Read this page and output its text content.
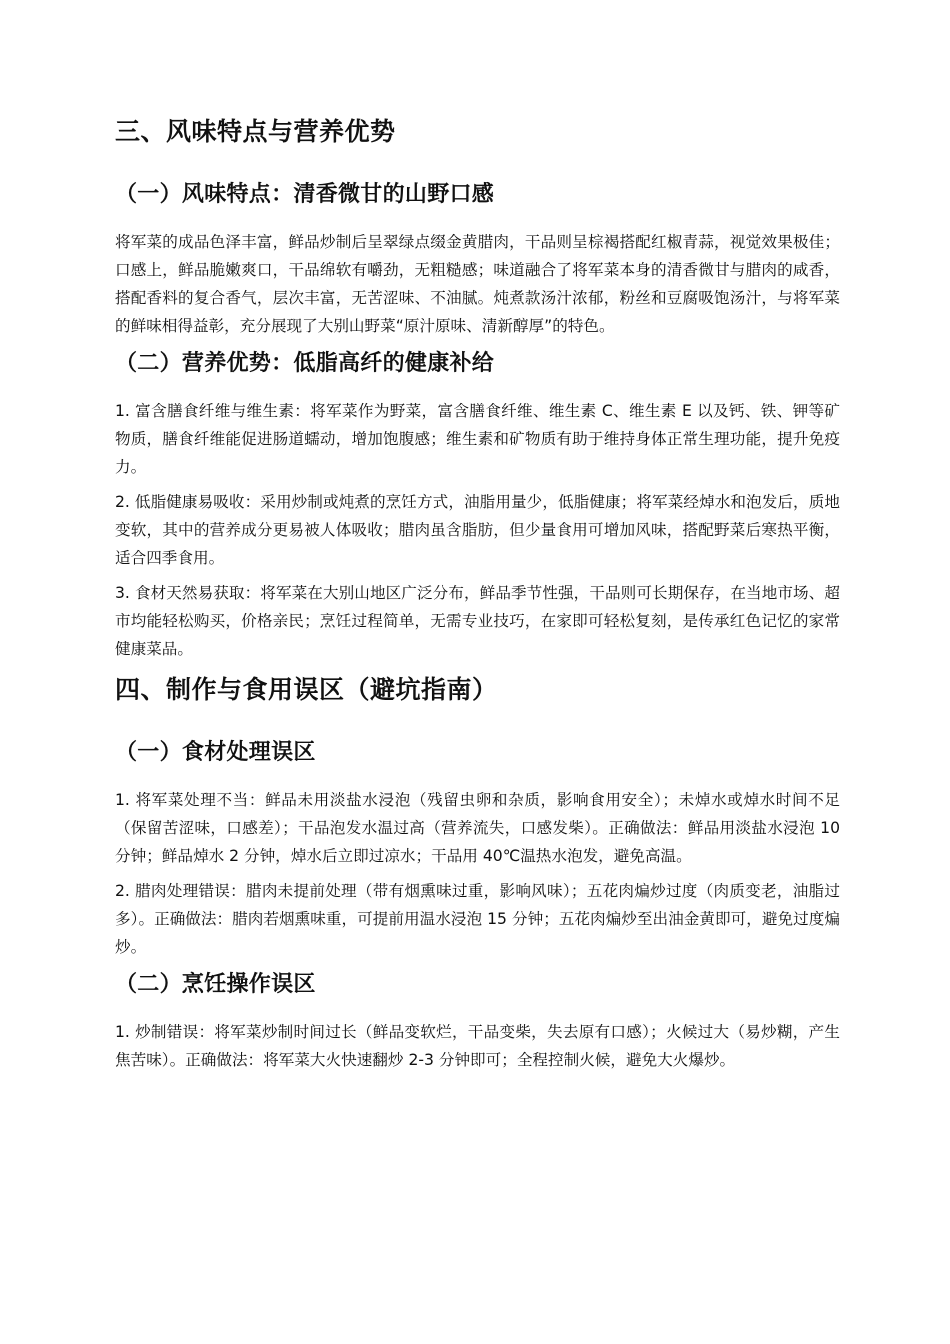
三、风味特点与营养优势
（一）风味特点：清香微甘的山野口感

将军菜的成品色泽丰富，鲜品炒制后呈翠绿点缀金黄腊肉，干品则呈棕褐搭配红椒青蒜，视觉效果极佳；口感上，鲜品脆嫩爽口，干品绵软有嚼劲，无粗糙感；味道融合了将军菜本身的清香微甘与腊肉的咸香，搭配香料的复合香气，层次丰富，无苦涩味、不油腻。炖煮款汤汁浓郁，粉丝和豆腐吸饱汤汁，与将军菜的鲜味相得益彰，充分展现了大别山野菜“原汁原味、清新醇厚”的特色。

（二）营养优势：低脂高纤的健康补给

1. 富含膳食纤维与维生素：将军菜作为野菜，富含膳食纤维、维生素 C、维生素 E 以及钙、铁、钾等矿物质，膳食纤维能促进肠道蠕动，增加饱腹感；维生素和矿物质有助于维持身体正常生理功能，提升免疫力。

2. 低脂健康易吸收：采用炒制或炖煮的烹饪方式，油脂用量少，低脂健康；将军菜经焯水和泡发后，质地变软，其中的营养成分更易被人体吸收；腊肉虽含脂肪，但少量食用可增加风味，搭配野菜后寒热平衡，适合四季食用。

3. 食材天然易获取：将军菜在大别山地区广泛分布，鲜品季节性强，干品则可长期保存，在当地市场、超市均能轻松购买，价格亲民；烹饪过程简单，无需专业技巧，在家即可轻松复刻，是传承红色记忆的家常健康菜品。

四、制作与食用误区（避坑指南）
（一）食材处理误区

1. 将军菜处理不当：鲜品未用淡盐水浸泡（残留虫卵和杂质，影响食用安全）；未焯水或焯水时间不足（保留苦涩味，口感差）；干品泡发水温过高（营养流失，口感发柴）。正确做法：鲜品用淡盐水浸泡 10 分钟；鲜品焯水 2 分钟，焯水后立即过凉水；干品用 40℃温热水泡发，避免高温。

2. 腊肉处理错误：腊肉未提前处理（带有烟熏味过重，影响风味）；五花肉煸炒过度（肉质变老，油脂过多）。正确做法：腊肉若烟熏味重，可提前用温水浸泡 15 分钟；五花肉煸炒至出油金黄即可，避免过度煸炒。

（二）烹饪操作误区

1. 炒制错误：将军菜炒制时间过长（鲜品变软烂，干品变柴，失去原有口感）；火候过大（易炒糊，产生焦苦味）。正确做法：将军菜大火快速翻炒 2-3 分钟即可；全程控制火候，避免大火爆炒。
